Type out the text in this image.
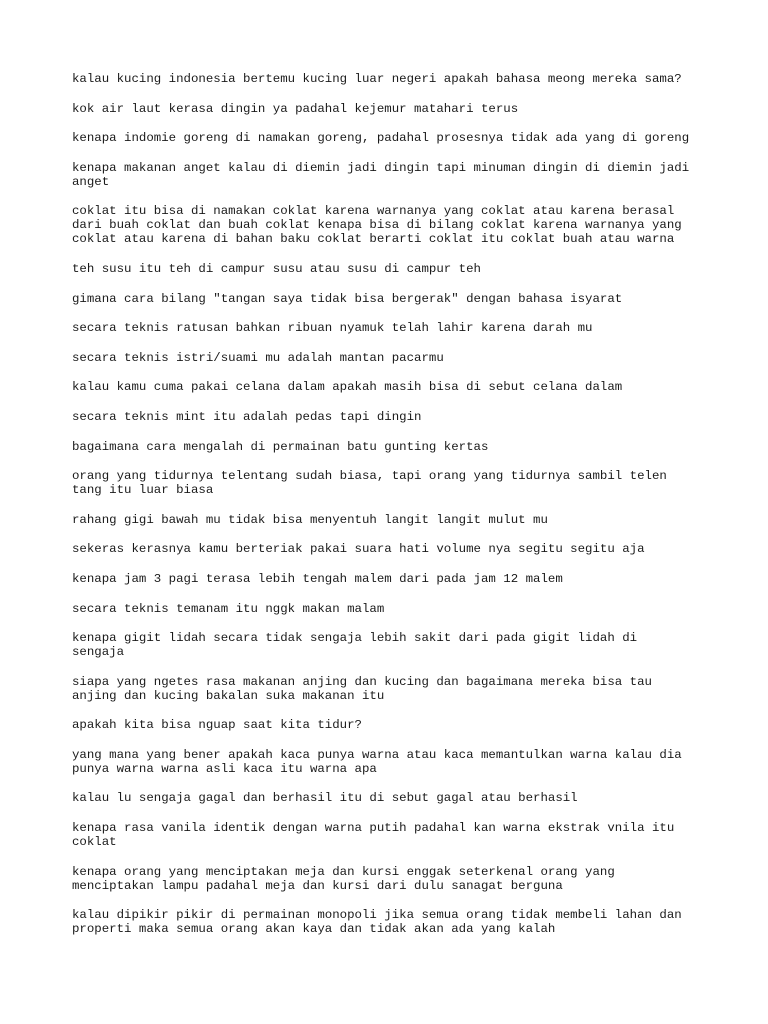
kalau kucing indonesia bertemu kucing luar negeri apakah bahasa meong mereka sama?

kok air laut kerasa dingin ya padahal kejemur matahari terus

kenapa indomie goreng di namakan goreng, padahal prosesnya tidak ada yang di goreng

kenapa makanan anget kalau di diemin jadi dingin tapi minuman dingin di diemin jadi
anget

coklat itu bisa di namakan coklat karena warnanya yang coklat atau karena berasal
dari buah coklat dan buah coklat kenapa bisa di bilang coklat karena warnanya yang
coklat atau karena di bahan baku coklat berarti coklat itu coklat buah atau warna

teh susu itu teh di campur susu atau susu di campur teh

gimana cara bilang "tangan saya tidak bisa bergerak" dengan bahasa isyarat

secara teknis ratusan bahkan ribuan nyamuk telah lahir karena darah mu

secara teknis istri/suami mu adalah mantan pacarmu

kalau kamu cuma pakai celana dalam apakah masih bisa di sebut celana dalam

secara teknis mint itu adalah pedas tapi dingin

bagaimana cara mengalah di permainan batu gunting kertas

orang yang tidurnya telentang sudah biasa, tapi orang yang tidurnya sambil telen
tang itu luar biasa

rahang gigi bawah mu tidak bisa menyentuh langit langit mulut mu

sekeras kerasnya kamu berteriak pakai suara hati volume nya segitu segitu aja

kenapa jam 3 pagi terasa lebih tengah malem dari pada jam 12 malem

secara teknis temanam itu nggk makan malam

kenapa gigit lidah secara tidak sengaja lebih sakit dari pada gigit lidah di
sengaja

siapa yang ngetes rasa makanan anjing dan kucing dan bagaimana mereka bisa tau
anjing dan kucing bakalan suka makanan itu

apakah kita bisa nguap saat kita tidur?

yang mana yang bener apakah kaca punya warna atau kaca memantulkan warna kalau dia
punya warna warna asli kaca itu warna apa

kalau lu sengaja gagal dan berhasil itu di sebut gagal atau berhasil

kenapa rasa vanila identik dengan warna putih padahal kan warna ekstrak vnila itu
coklat

kenapa orang yang menciptakan meja dan kursi enggak seterkenal orang yang
menciptakan lampu padahal meja dan kursi dari dulu sanagat berguna

kalau dipikir pikir di permainan monopoli jika semua orang tidak membeli lahan dan
properti maka semua orang akan kaya dan tidak akan ada yang kalah
